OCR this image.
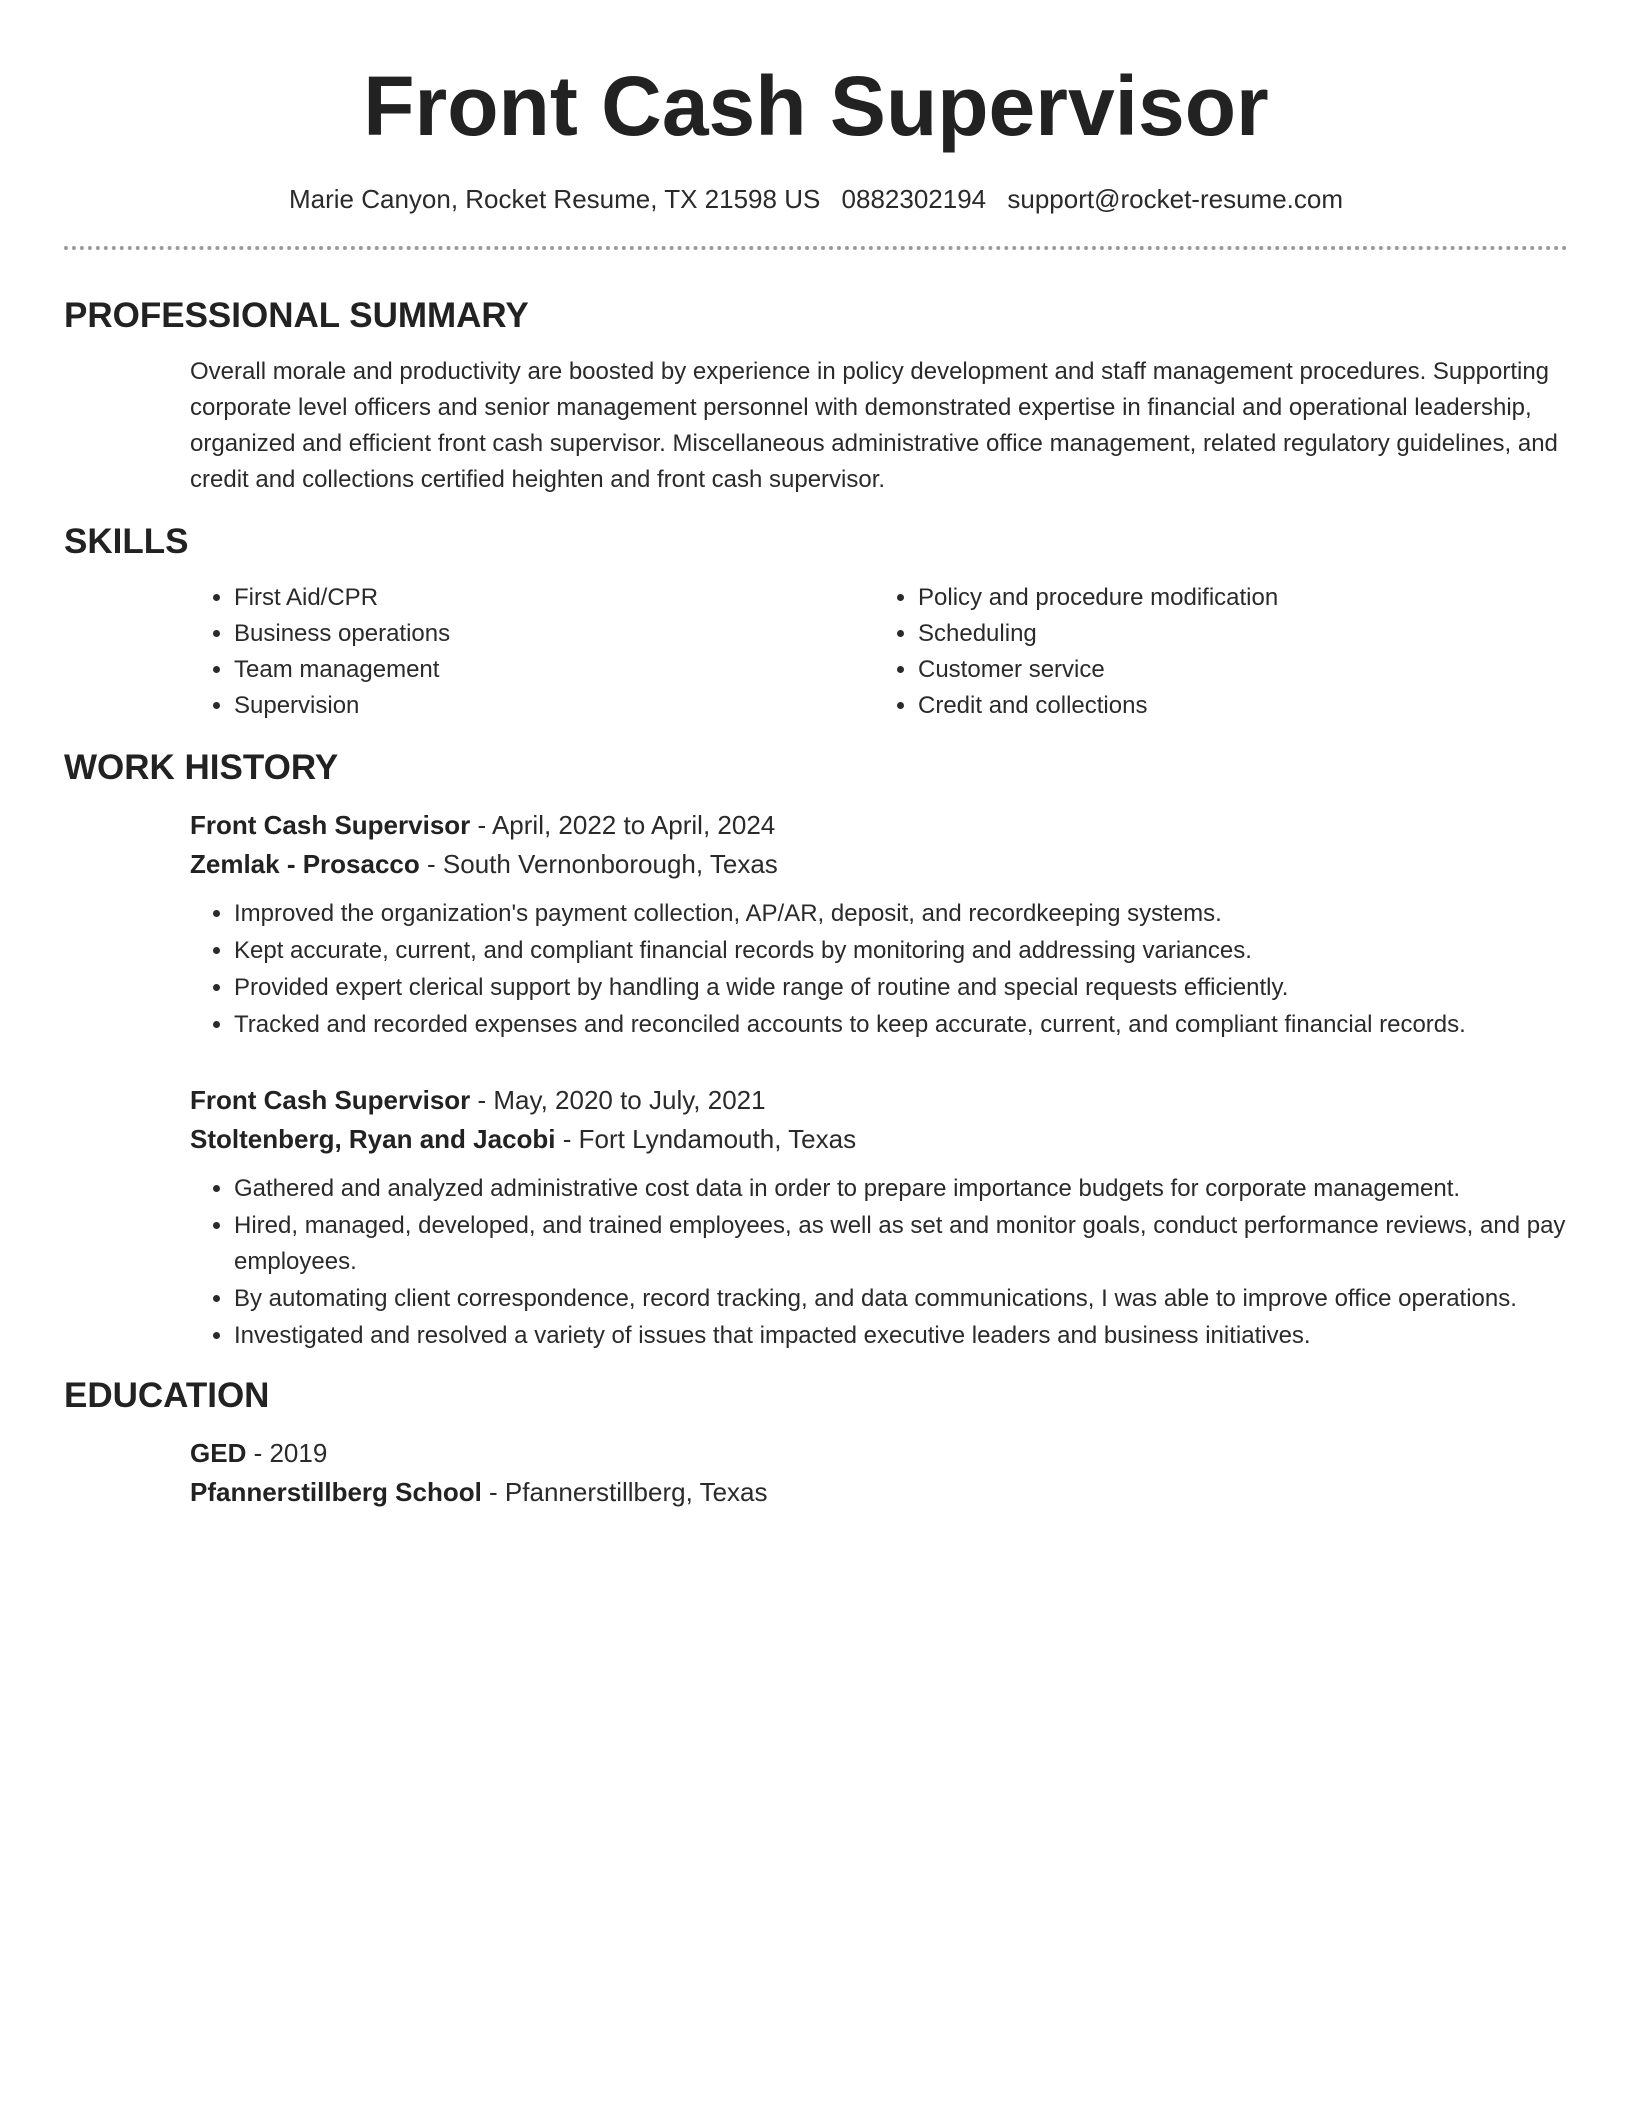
Front Cash Supervisor
Marie Canyon, Rocket Resume, TX 21598 US 0882302194 support@rocket-resume.com
PROFESSIONAL SUMMARY

Overall morale and productivity are boosted by experience in policy development and staff management procedures. Supporting corporate level officers and senior management personnel with demonstrated expertise in financial and operational leadership, organized and efficient front cash supervisor. Miscellaneous administrative office management, related regulatory guidelines, and credit and collections certified heighten and front cash supervisor.

SKILLS
• First Aid/CPR
• Business operations
• Team management
• Supervision
• Policy and procedure modification
• Scheduling
• Customer service
• Credit and collections
WORK HISTORY
Front Cash Supervisor - April, 2022 to April, 2024
Zemlak - Prosacco - South Vernonborough, Texas
• Improved the organization's payment collection, AP/AR, deposit, and recordkeeping systems.
• Kept accurate, current, and compliant financial records by monitoring and addressing variances.
• Provided expert clerical support by handling a wide range of routine and special requests efficiently.
• Tracked and recorded expenses and reconciled accounts to keep accurate, current, and compliant financial records.
Front Cash Supervisor - May, 2020 to July, 2021
Stoltenberg, Ryan and Jacobi - Fort Lyndamouth, Texas
• Gathered and analyzed administrative cost data in order to prepare importance budgets for corporate management.
• Hired, managed, developed, and trained employees, as well as set and monitor goals, conduct performance reviews, and pay employees.
• By automating client correspondence, record tracking, and data communications, I was able to improve office operations.
• Investigated and resolved a variety of issues that impacted executive leaders and business initiatives.
EDUCATION
GED - 2019
Pfannerstillberg School - Pfannerstillberg, Texas
